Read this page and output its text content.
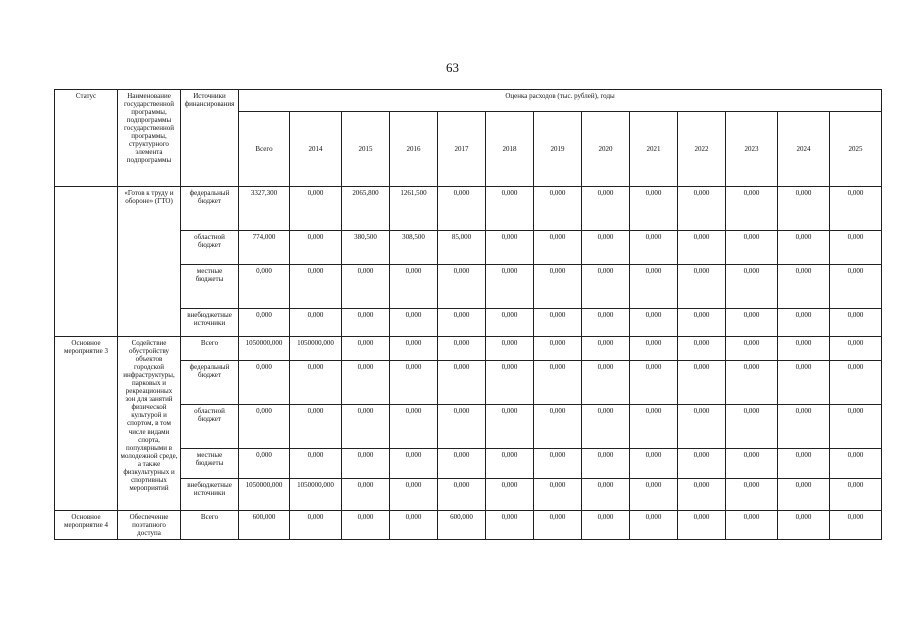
63
Статус	Наименование государственной программы, подпрограммы государственной программы, структурного элемента подпрограммы	Источники финансирования	Оценка расходов (тыс. рублей), годы												
			Всего	2014	2015	2016	2017	2018	2019	2020	2021	2022	2023	2024	2025
	«Готов к труду и обороне» (ГТО)	федеральный бюджет	3327,300	0,000	2065,800	1261,500	0,000	0,000	0,000	0,000	0,000	0,000	0,000	0,000	0,000
		областной бюджет	774,000	0,000	380,500	308,500	85,000	0,000	0,000	0,000	0,000	0,000	0,000	0,000	0,000
		местные бюджеты	0,000	0,000	0,000	0,000	0,000	0,000	0,000	0,000	0,000	0,000	0,000	0,000	0,000
		внебюджетные источники	0,000	0,000	0,000	0,000	0,000	0,000	0,000	0,000	0,000	0,000	0,000	0,000	0,000
Основное мероприятие 3	Содействие обустройству объектов городской инфраструктуры, парковых и рекреационных зон для занятий физической культурой и спортом, в том числе видами спорта, популярными в молодежной среде, а также физкультурных и спортивных мероприятий	Всего	1050000,000	1050000,000	0,000	0,000	0,000	0,000	0,000	0,000	0,000	0,000	0,000	0,000	0,000
		федеральный бюджет	0,000	0,000	0,000	0,000	0,000	0,000	0,000	0,000	0,000	0,000	0,000	0,000	0,000
		областной бюджет	0,000	0,000	0,000	0,000	0,000	0,000	0,000	0,000	0,000	0,000	0,000	0,000	0,000
		местные бюджеты	0,000	0,000	0,000	0,000	0,000	0,000	0,000	0,000	0,000	0,000	0,000	0,000	0,000
		внебюджетные источники	1050000,000	1050000,000	0,000	0,000	0,000	0,000	0,000	0,000	0,000	0,000	0,000	0,000	0,000
Основное мероприятие 4	Обеспечение поэтапного доступа	Всего	600,000	0,000	0,000	0,000	600,000	0,000	0,000	0,000	0,000	0,000	0,000	0,000	0,000
